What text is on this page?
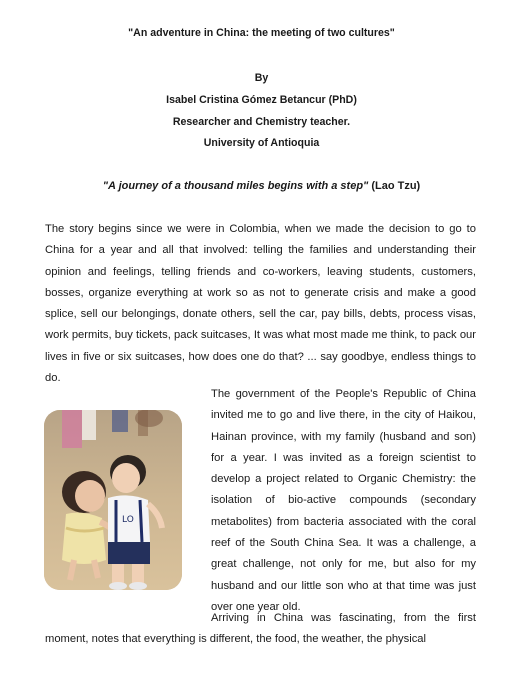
"An adventure in China: the meeting of two cultures"
By
Isabel Cristina Gómez Betancur (PhD)
Researcher and Chemistry teacher.
University of Antioquia
"A journey of a thousand miles begins with a step" (Lao Tzu)

The story begins since we were in Colombia, when we made the decision to go to China for a year and all that involved: telling the families and understanding their opinion and feelings, telling friends and co-workers, leaving students, customers, bosses, organize everything at work so as not to generate crisis and make a good splice, sell our belongings, donate others, sell the car, pay bills, debts, process visas, work permits, buy tickets, pack suitcases, It was what most made me think, to pack our lives in five or six suitcases, how does one do that? ... say goodbye, endless things to do.

LO

The government of the People's Republic of China invited me to go and live there, in the city of Haikou, Hainan province, with my family (husband and son) for a year. I was invited as a foreign scientist to develop a project related to Organic Chemistry: the isolation of bio-active compounds (secondary metabolites) from bacteria associated with the coral reef of the South China Sea. It was a challenge, a great challenge, not only for me, but also for my husband and our little son who at that time was just over one year old.

Arriving in China was fascinating, from the first moment, notes that everything is different, the food, the weather, the physical
